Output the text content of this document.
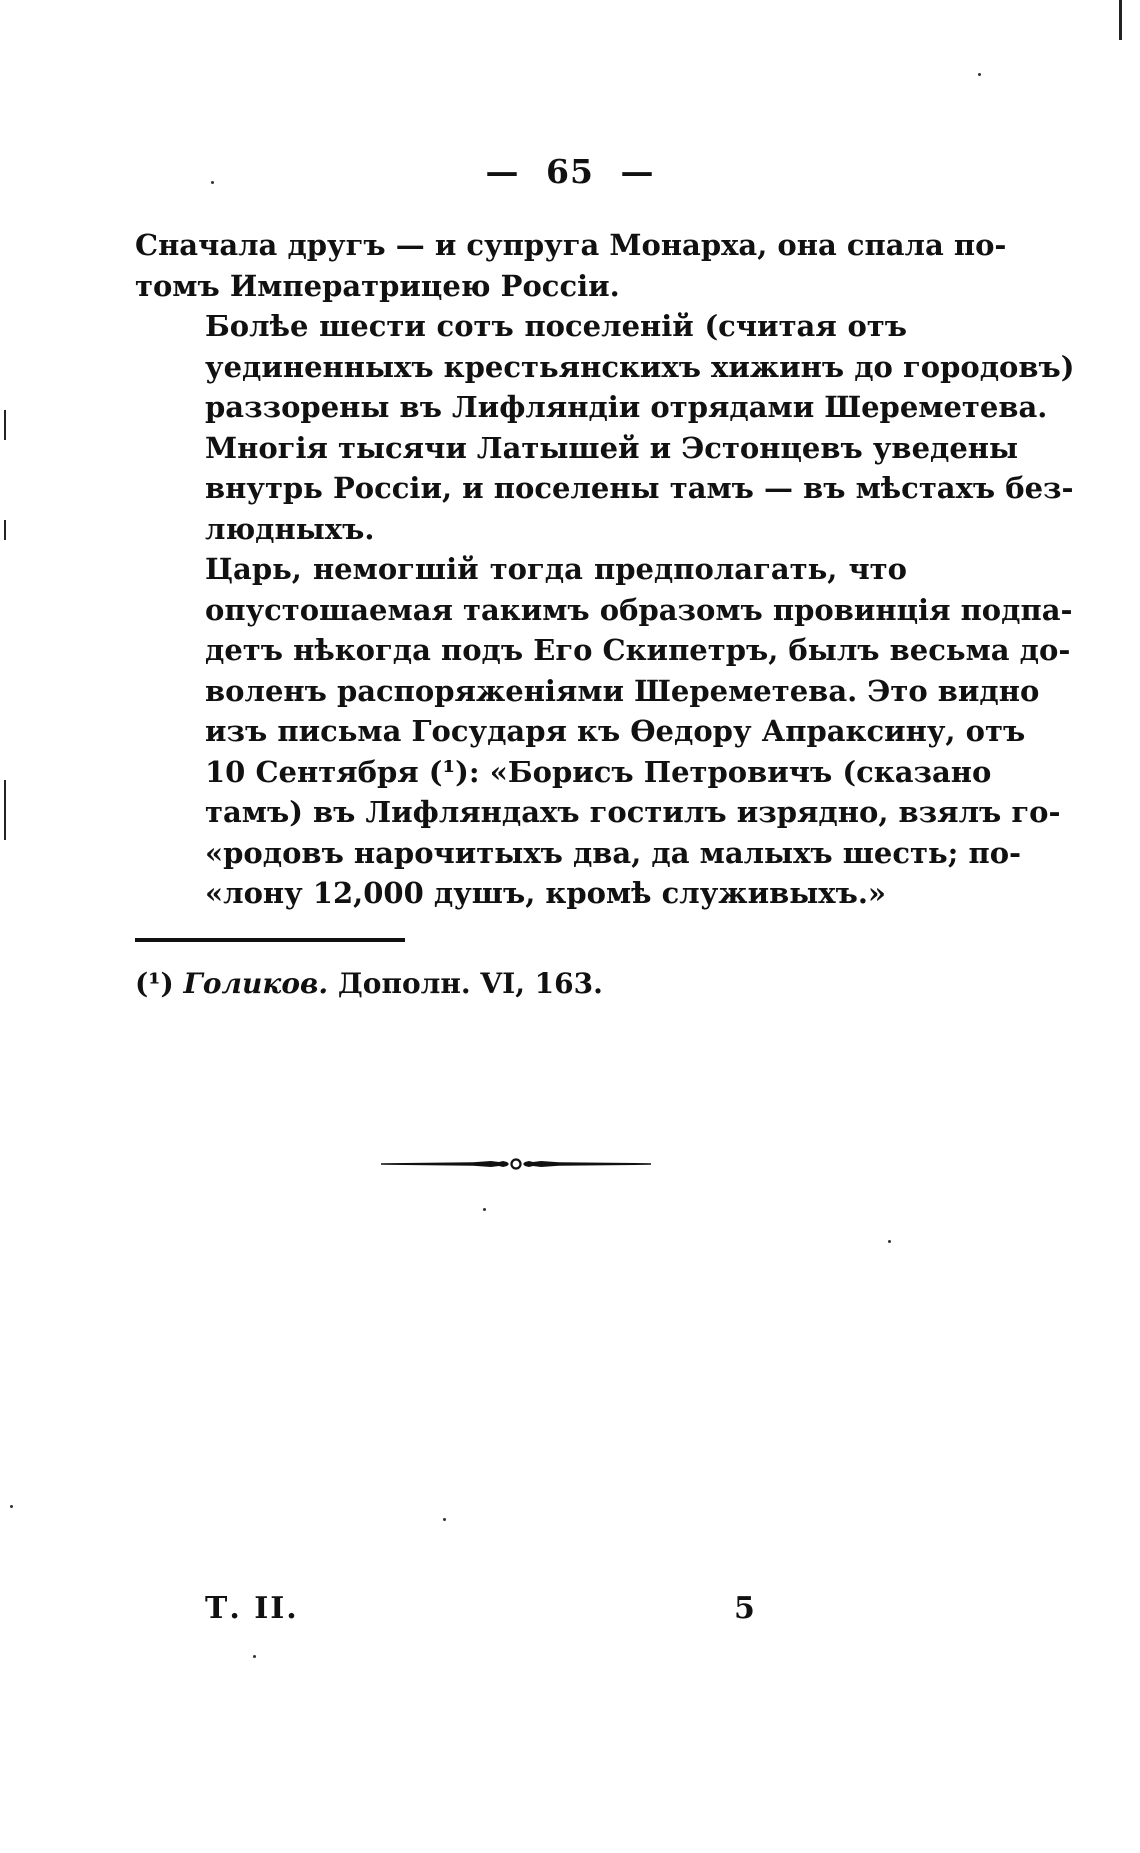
— 65 —

Сначала другъ — и супруга Монарха, она спала по-
томъ Императрицею Россіи.

Болѣе шести сотъ поселеній (считая отъ
уединенныхъ крестьянскихъ хижинъ до городовъ)
раззорены въ Лифляндіи отрядами Шереметева.
Многія тысячи Латышей и Эстонцевъ уведены
внутрь Россіи, и поселены тамъ — въ мѣстахъ без-
людныхъ.

Царь, немогшій тогда предполагать, что
опустошаемая такимъ образомъ провинція подпа-
детъ нѣкогда подъ Его Скипетръ, былъ весьма до-
воленъ распоряженіями Шереметева. Это видно
изъ письма Государя къ Ѳедору Апраксину, отъ
10 Сентября (¹): «Борисъ Петровичъ (сказано
тамъ) въ Лифляндахъ гостилъ изрядно, взялъ го-
«родовъ нарочитыхъ два, да малыхъ шесть; по-
«лону 12,000 душъ, кромѣ служивыхъ.»

(¹) Голиков. Дополн. VI, 163.
Т. II.	5
